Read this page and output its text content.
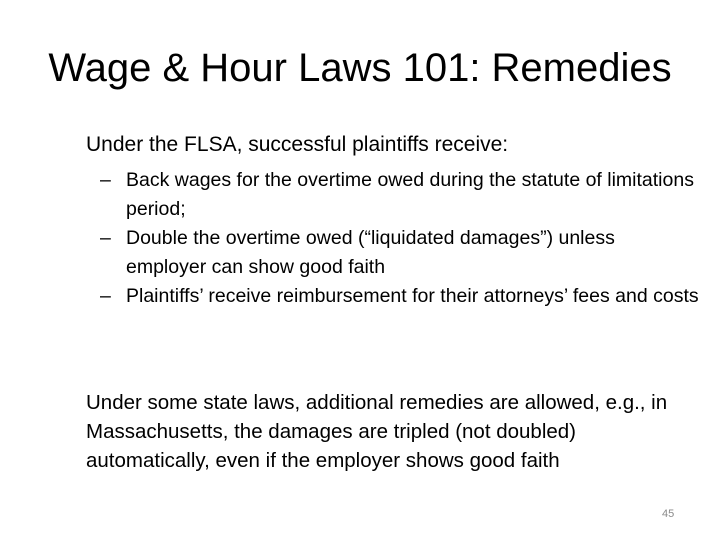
Wage & Hour Laws 101: Remedies
Under the FLSA, successful plaintiffs receive:
– Back wages for the overtime owed during the statute of limitations period;
– Double the overtime owed (“liquidated damages”) unless employer can show good faith
– Plaintiffs’ receive reimbursement for their attorneys’ fees and costs
Under some state laws, additional remedies are allowed, e.g., in Massachusetts, the damages are tripled (not doubled) automatically, even if the employer shows good faith
45
